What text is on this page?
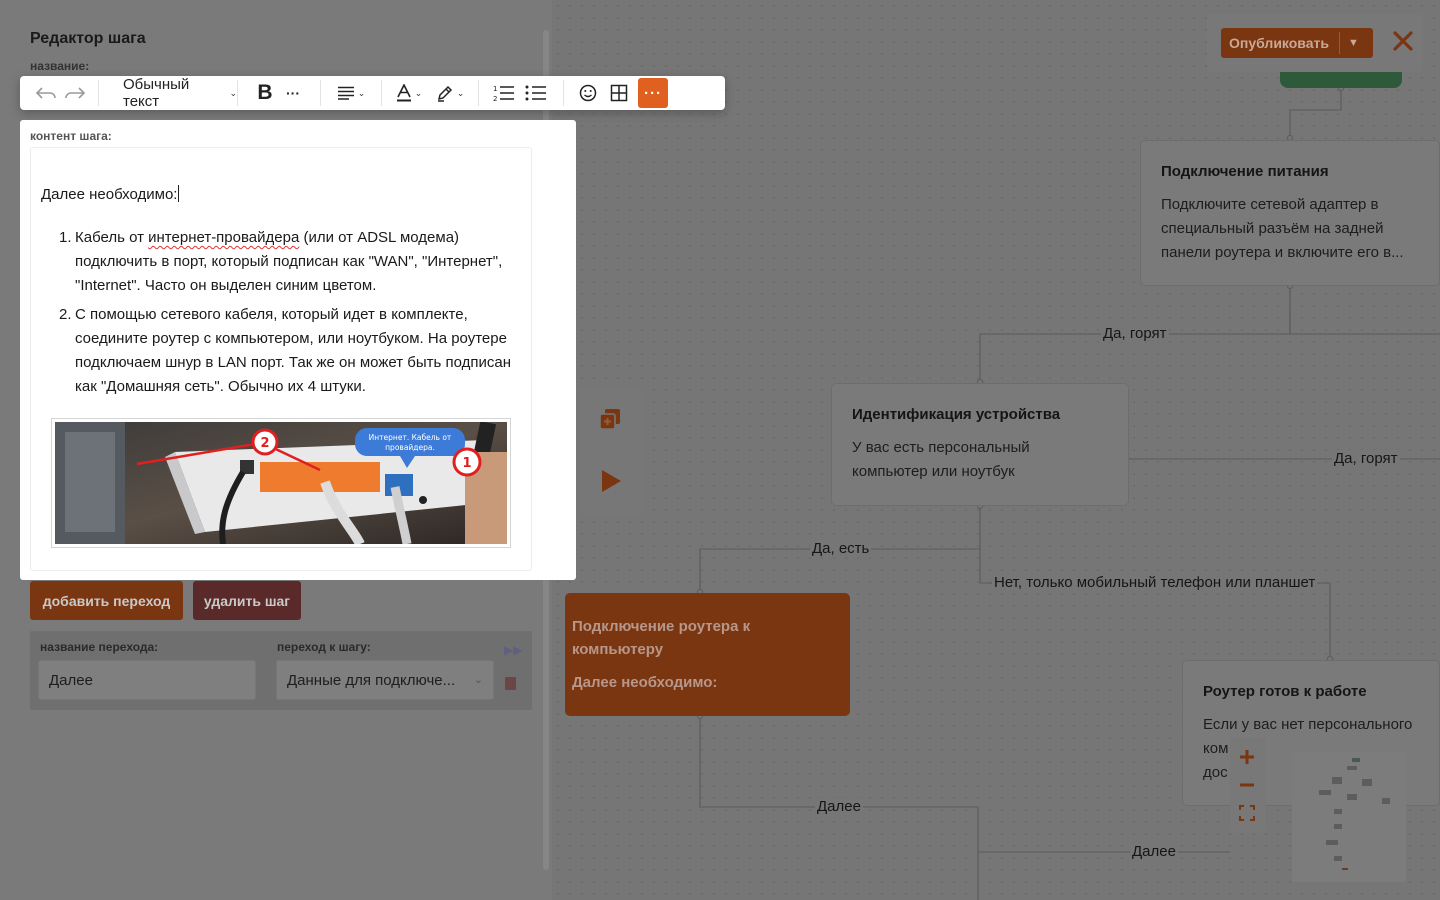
Редактор шага
название:
добавить переход	удалить шаг
название перехода:	переход к шагу:
Далее	Данные для подключе... ⌄
▶▶
Подключение питания
Подключите сетевой адаптер в
специальный разъём на задней
панели роутера и включите его в...
Идентификация устройства
У вас есть персональный
компьютер или ноутбук
Роутер готов к работе
Если у вас нет персонального
ком
дос
Подключение роутера к компьютеру
Далее необходимо:
Да, горят
Да, горят
Да, есть
Нет, только мобильный телефон или планшет
Далее
Далее
Опубликовать	▼
Обычный текст
⌄ B ···	⌄	⌄	⌄	1
2	···
контент шага:
Далее необходимо:
1. Кабель от интернет-провайдера (или от ADSL модема) подключить в порт, который подписан как "WAN", "Интернет", "Internet". Часто он выделен синим цветом.
2. С помощью сетевого кабеля, который идет в комплекте, соедините роутер с компьютером, или ноутбуком. На роутере подключаем шнур в LAN порт. Так же он может быть подписан как "Домашняя сеть". Обычно их 4 штуки.
2	Интернет. Кабель от
провайдера.
1
